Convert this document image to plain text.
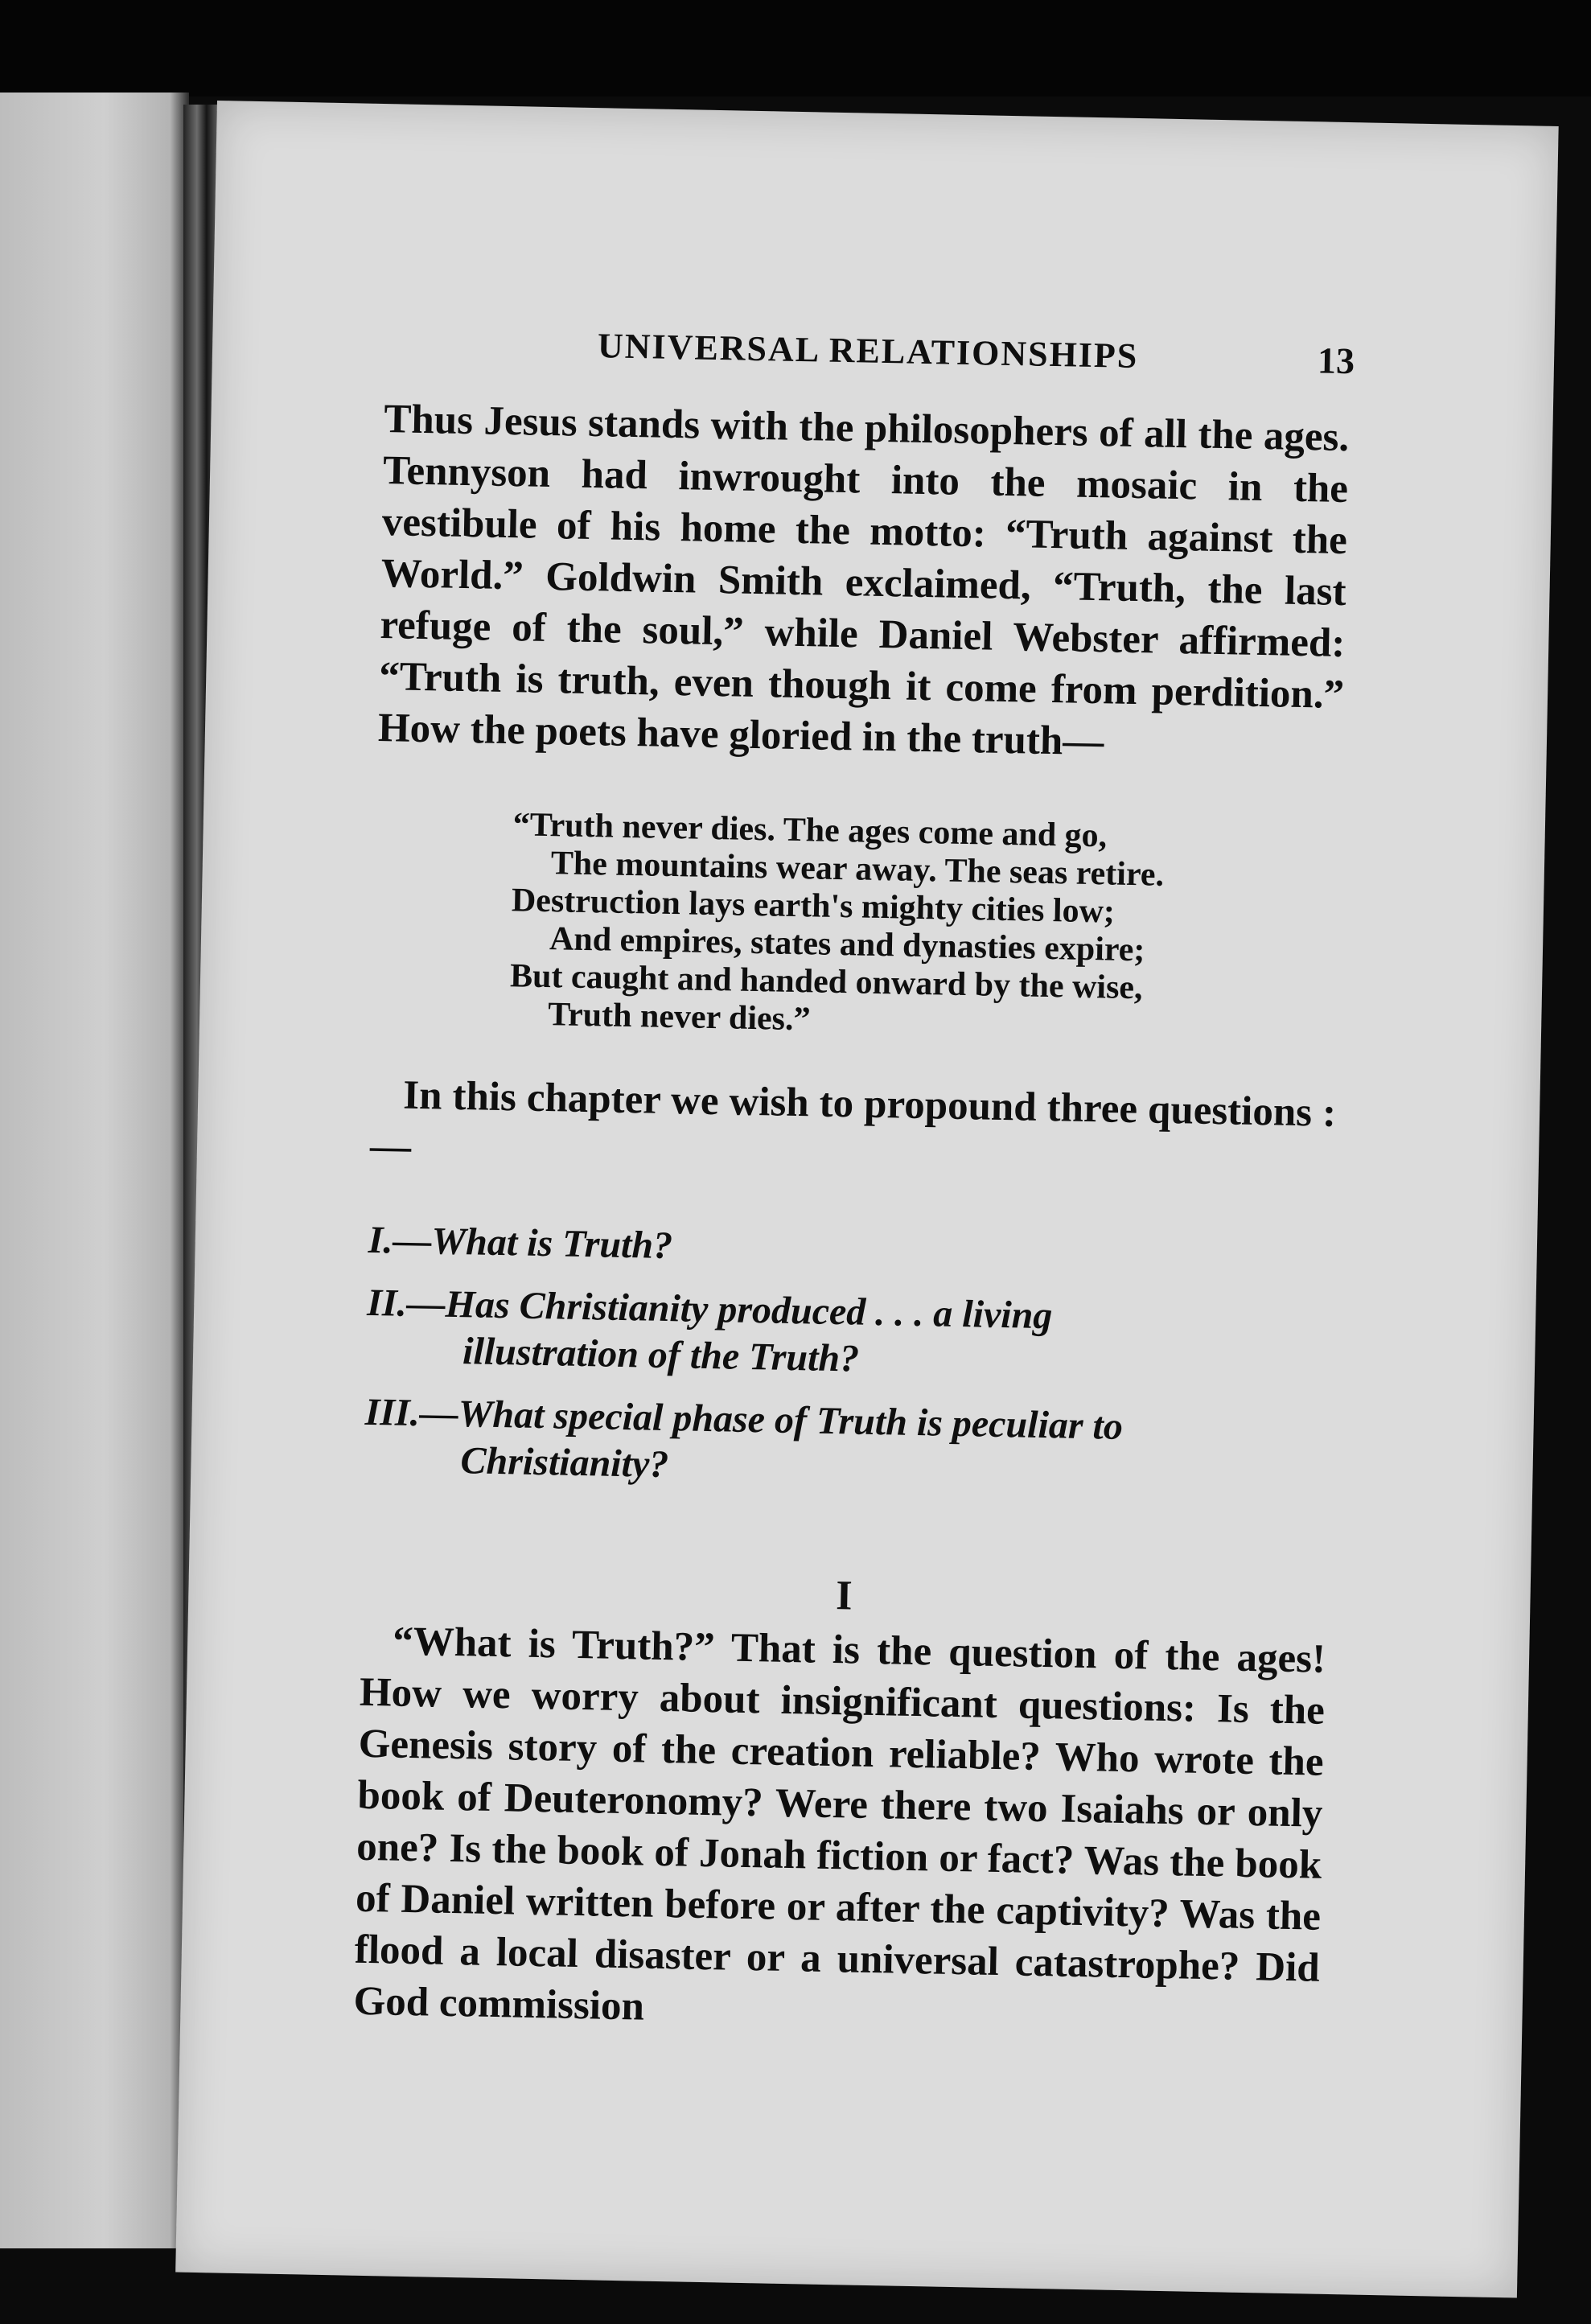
UNIVERSAL RELATIONSHIPS	13

Thus Jesus stands with the philosophers of all the ages. Tennyson had inwrought into the mosaic in the vestibule of his home the motto: “Truth against the World.” Goldwin Smith exclaimed, “Truth, the last refuge of the soul,” while Daniel Webster affirmed: “Truth is truth, even though it come from perdition.” How the poets have gloried in the truth—

“Truth never dies. The ages come and go,
The mountains wear away. The seas retire.
Destruction lays earth's mighty cities low;
And empires, states and dynasties expire;
But caught and handed onward by the wise,
Truth never dies.”

In this chapter we wish to propound three questions :—

I.—What is Truth?
II.—Has Christianity produced . . . a living
illustration of the Truth?
III.—What special phase of Truth is peculiar to
Christianity?
I

“What is Truth?” That is the question of the ages! How we worry about insignificant questions: Is the Genesis story of the creation reliable? Who wrote the book of Deuteronomy? Were there two Isaiahs or only one? Is the book of Jonah fiction or fact? Was the book of Daniel written before or after the captivity? Was the flood a local disaster or a universal catastrophe? Did God commission
